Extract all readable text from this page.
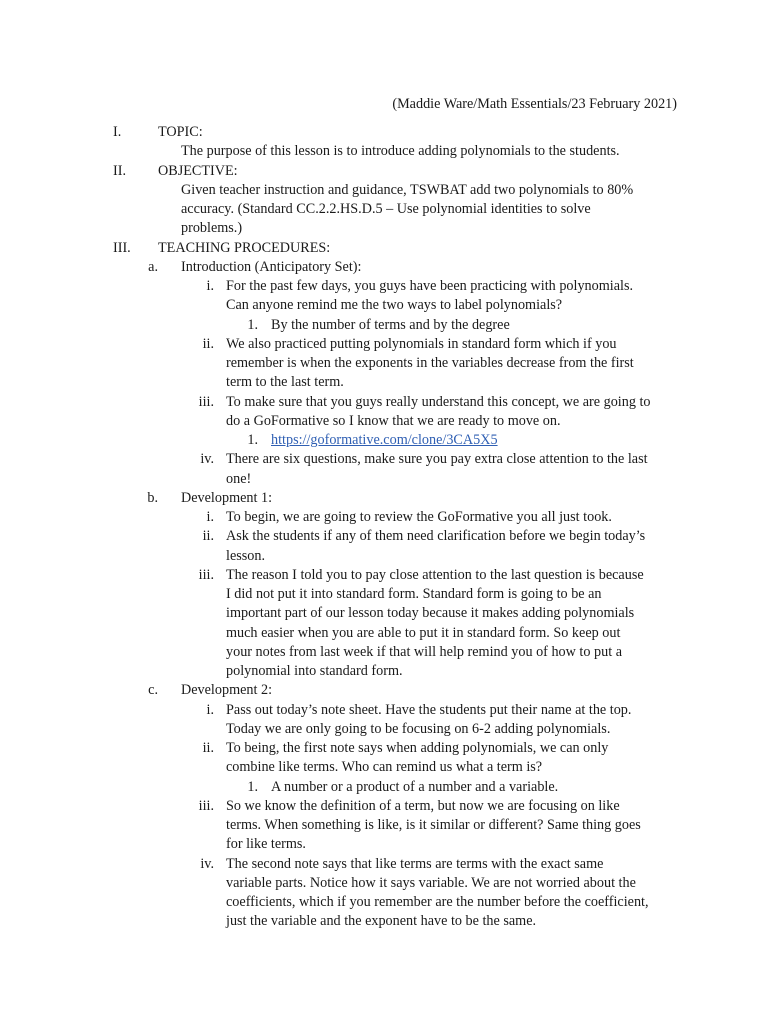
(Maddie Ware/Math Essentials/23 February 2021)
I.	TOPIC:
The purpose of this lesson is to introduce adding polynomials to the students.
II. OBJECTIVE:
Given teacher instruction and guidance, TSWBAT add two polynomials to 80%
accuracy. (Standard CC.2.2.HS.D.5 – Use polynomial identities to solve
problems.)
III. TEACHING PROCEDURES:
a. Introduction (Anticipatory Set):
i. For the past few days, you guys have been practicing with polynomials.
Can anyone remind me the two ways to label polynomials?
1. By the number of terms and by the degree
ii. We also practiced putting polynomials in standard form which if you
remember is when the exponents in the variables decrease from the first
term to the last term.
iii. To make sure that you guys really understand this concept, we are going to
do a GoFormative so I know that we are ready to move on.
1. https://goformative.com/clone/3CA5X5
iv. There are six questions, make sure you pay extra close attention to the last
one!
b. Development 1:
i. To begin, we are going to review the GoFormative you all just took.
ii. Ask the students if any of them need clarification before we begin today’s
lesson.
iii. The reason I told you to pay close attention to the last question is because
I did not put it into standard form. Standard form is going to be an
important part of our lesson today because it makes adding polynomials
much easier when you are able to put it in standard form. So keep out
your notes from last week if that will help remind you of how to put a
polynomial into standard form.
c. Development 2:
i. Pass out today’s note sheet. Have the students put their name at the top.
Today we are only going to be focusing on 6-2 adding polynomials.
ii. To being, the first note says when adding polynomials, we can only
combine like terms. Who can remind us what a term is?
1. A number or a product of a number and a variable.
iii. So we know the definition of a term, but now we are focusing on like
terms. When something is like, is it similar or different? Same thing goes
for like terms.
iv. The second note says that like terms are terms with the exact same
variable parts. Notice how it says variable. We are not worried about the
coefficients, which if you remember are the number before the coefficient,
just the variable and the exponent have to be the same.
